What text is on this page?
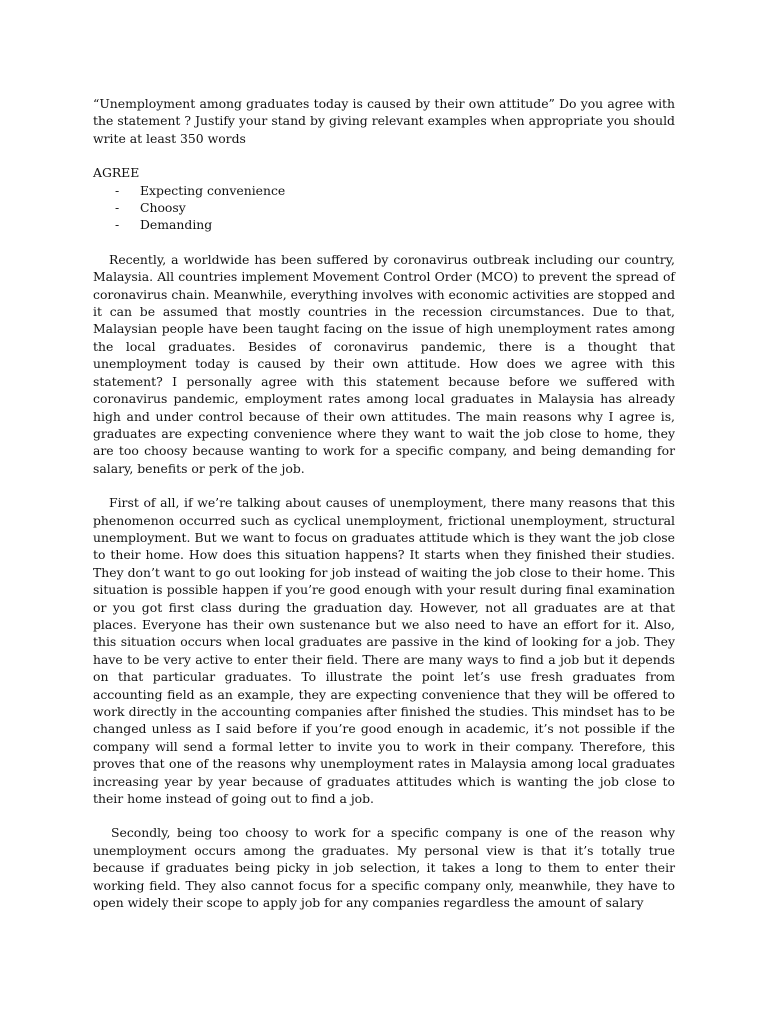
“Unemployment among graduates today is caused by their own attitude” Do you agree with the statement ? Justify your stand by giving relevant examples when appropriate you should write at least 350 words

AGREE

- Expecting convenience
- Choosy
- Demanding

Recently, a worldwide has been suffered by coronavirus outbreak including our country, Malaysia. All countries implement Movement Control Order (MCO) to prevent the spread of coronavirus chain. Meanwhile, everything involves with economic activities are stopped and it can be assumed that mostly countries in the recession circumstances. Due to that, Malaysian people have been taught facing on the issue of high unemployment rates among the local graduates. Besides of coronavirus pandemic, there is a thought that unemployment today is caused by their own attitude. How does we agree with this statement? I personally agree with this statement because before we suffered with coronavirus pandemic, employment rates among local graduates in Malaysia has already high and under control because of their own attitudes. The main reasons why I agree is, graduates are expecting convenience where they want to wait the job close to home, they are too choosy because wanting to work for a specific company, and being demanding for salary, benefits or perk of the job.

First of all, if we’re talking about causes of unemployment, there many reasons that this phenomenon occurred such as cyclical unemployment, frictional unemployment, structural unemployment. But we want to focus on graduates attitude which is they want the job close to their home. How does this situation happens? It starts when they finished their studies. They don’t want to go out looking for job instead of waiting the job close to their home. This situation is possible happen if you’re good enough with your result during final examination or you got first class during the graduation day. However, not all graduates are at that places. Everyone has their own sustenance but we also need to have an effort for it. Also, this situation occurs when local graduates are passive in the kind of looking for a job. They have to be very active to enter their field. There are many ways to find a job but it depends on that particular graduates. To illustrate the point let’s use fresh graduates from accounting field as an example, they are expecting convenience that they will be offered to work directly in the accounting companies after finished the studies. This mindset has to be changed unless as I said before if you’re good enough in academic, it’s not possible if the company will send a formal letter to invite you to work in their company. Therefore, this proves that one of the reasons why unemployment rates in Malaysia among local graduates increasing year by year because of graduates attitudes which is wanting the job close to their home instead of going out to find a job.

Secondly, being too choosy to work for a specific company is one of the reason why unemployment occurs among the graduates. My personal view is that it’s totally true because if graduates being picky in job selection, it takes a long to them to enter their working field. They also cannot focus for a specific company only, meanwhile, they have to open widely their scope to apply job for any companies regardless the amount of salary
